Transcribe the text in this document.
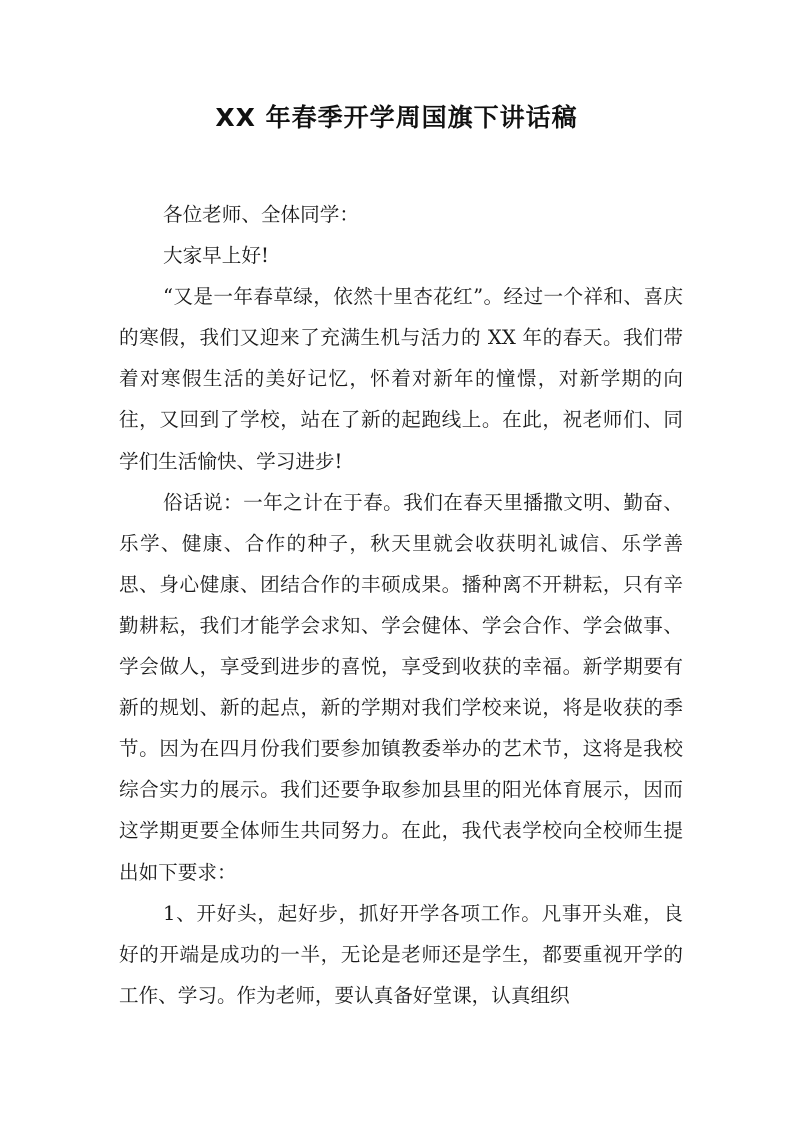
XX 年春季开学周国旗下讲话稿

各位老师、全体同学：

大家早上好!

“又是一年春草绿，依然十里杏花红”。经过一个祥和、喜庆的寒假，我们又迎来了充满生机与活力的 XX 年的春天。我们带着对寒假生活的美好记忆，怀着对新年的憧憬，对新学期的向往，又回到了学校，站在了新的起跑线上。在此，祝老师们、同学们生活愉快、学习进步!

俗话说：一年之计在于春。我们在春天里播撒文明、勤奋、乐学、健康、合作的种子，秋天里就会收获明礼诚信、乐学善思、身心健康、团结合作的丰硕成果。播种离不开耕耘，只有辛勤耕耘，我们才能学会求知、学会健体、学会合作、学会做事、学会做人，享受到进步的喜悦，享受到收获的幸福。新学期要有新的规划、新的起点，新的学期对我们学校来说，将是收获的季节。因为在四月份我们要参加镇教委举办的艺术节，这将是我校综合实力的展示。我们还要争取参加县里的阳光体育展示，因而这学期更要全体师生共同努力。在此，我代表学校向全校师生提出如下要求：

1、开好头，起好步，抓好开学各项工作。凡事开头难，良好的开端是成功的一半，无论是老师还是学生，都要重视开学的工作、学习。作为老师，要认真备好堂课，认真组织
